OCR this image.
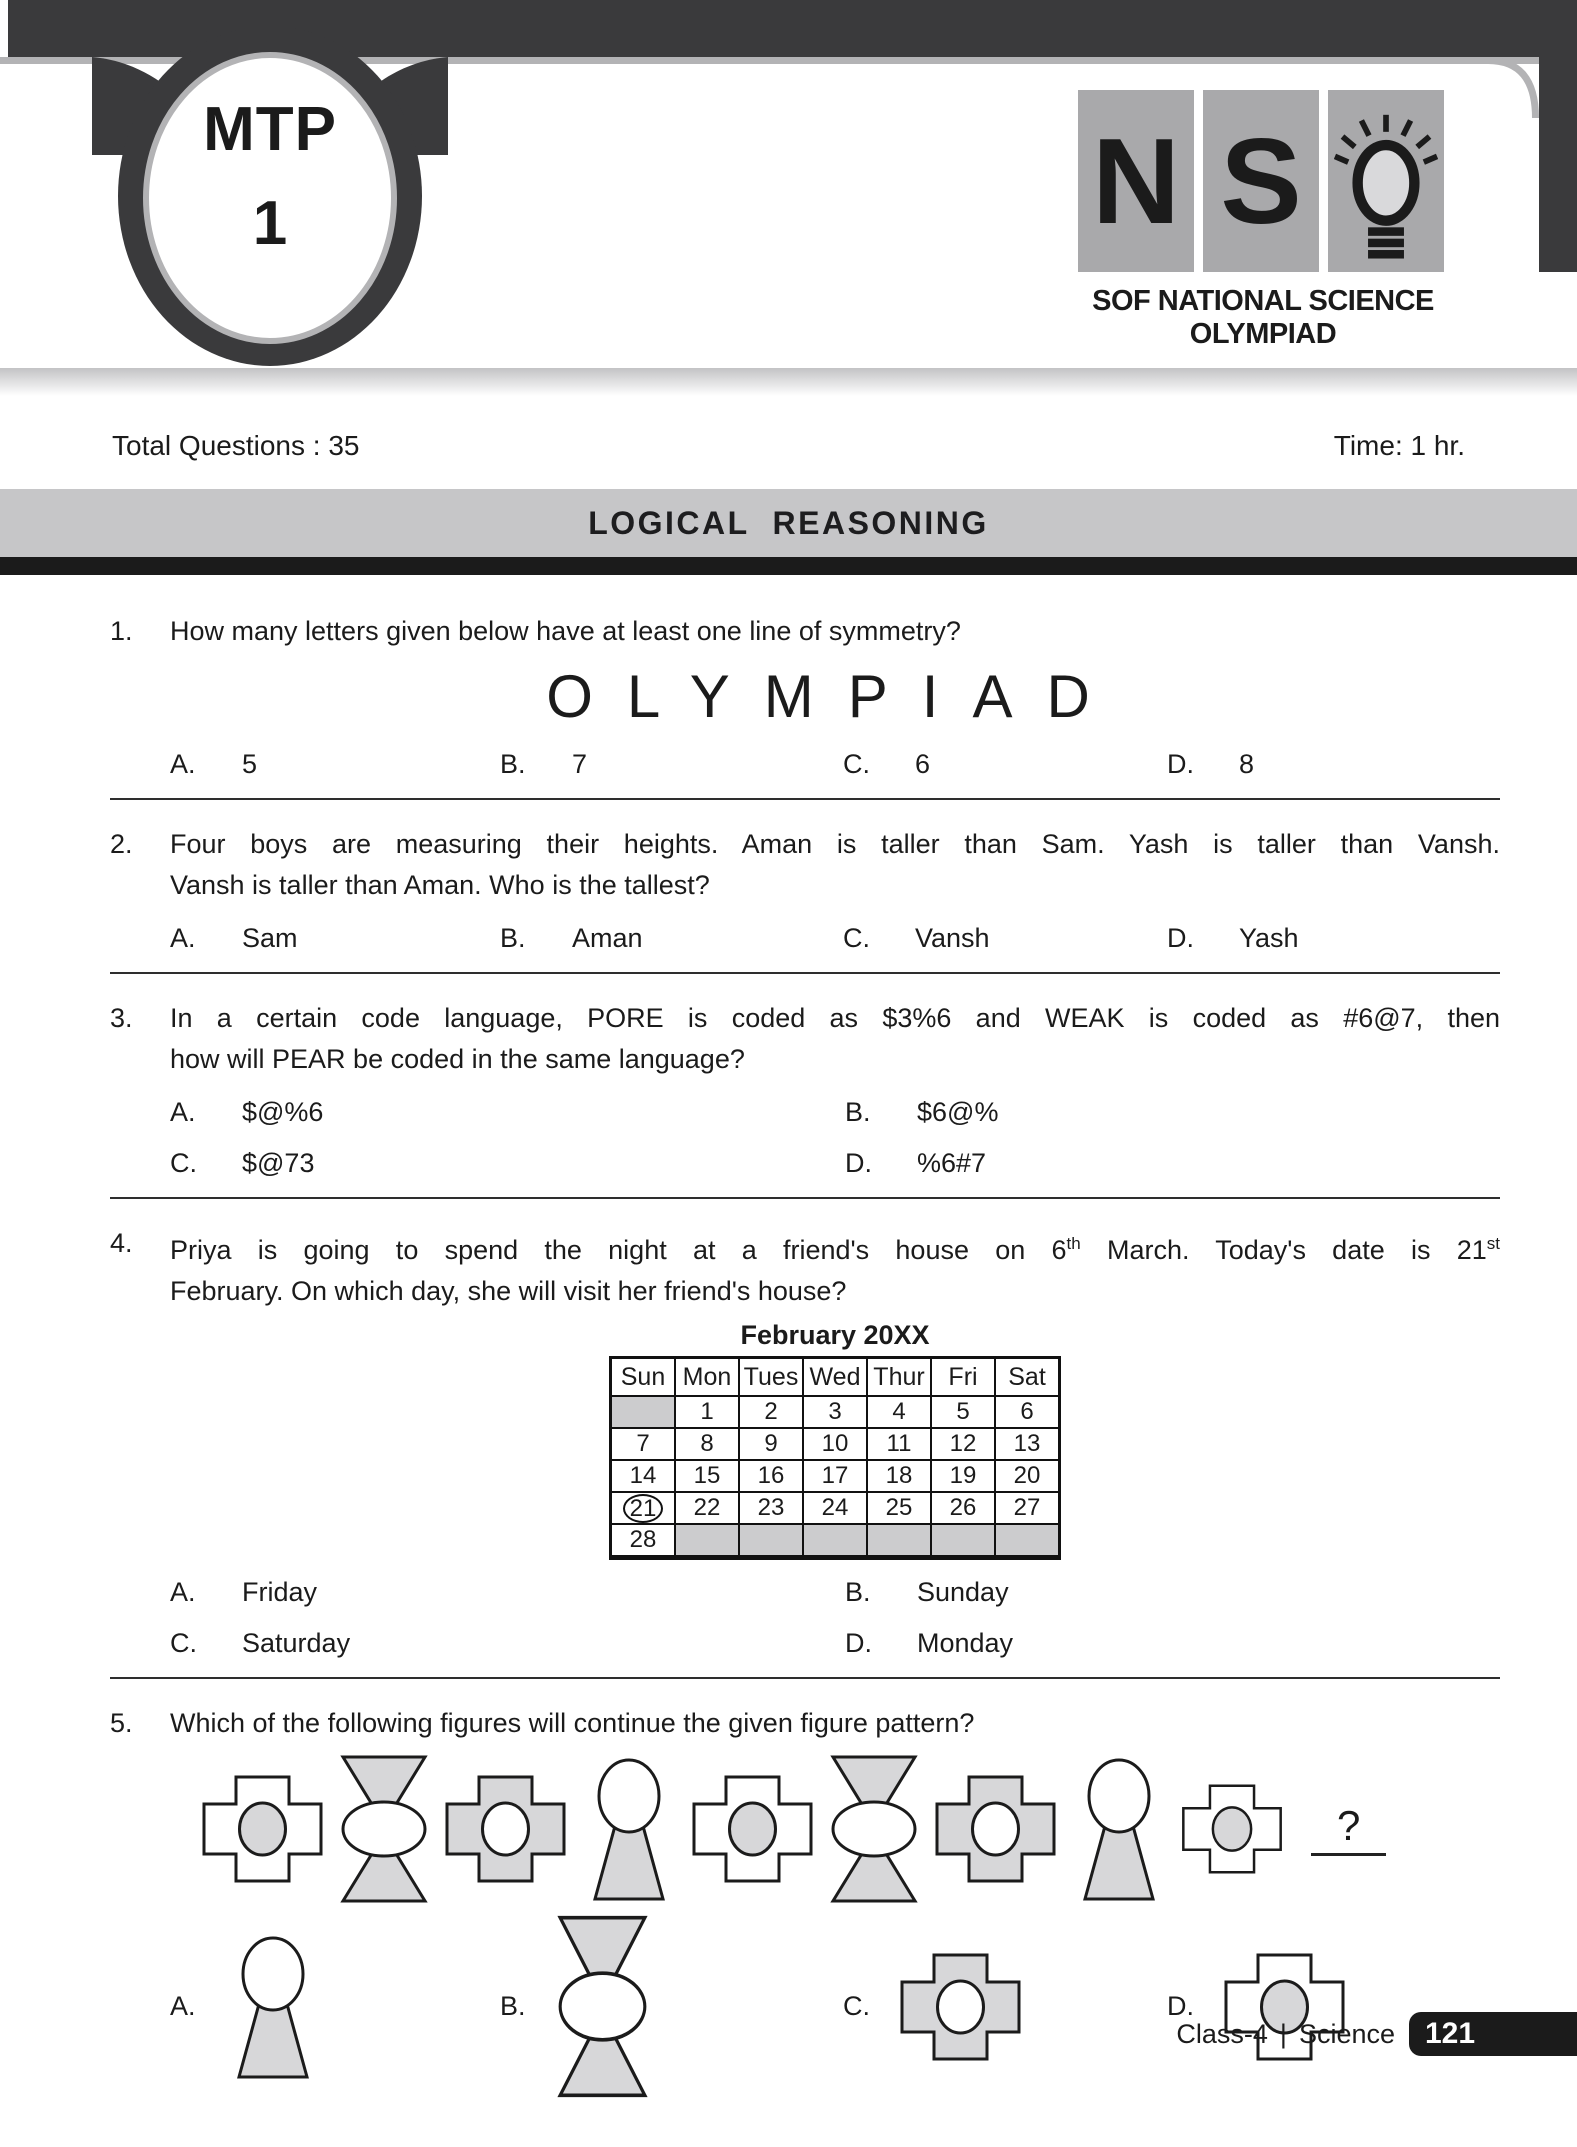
MTP
1	N S
SOF NATIONAL SCIENCE
OLYMPIAD
Total Questions : 35	Time: 1 hr.
LOGICAL REASONING
1.	How many letters given below have at least one line of symmetry?

OLYMPIAD
A.	5	B.	7	C.	6	D.	8
2.	Four boys are measuring their heights. Aman is taller than Sam. Yash is taller than Vansh.

Vansh is taller than Aman. Who is the tallest?

A.	Sam	B.	Aman	C.	Vansh	D.	Yash
3.	In a certain code language, PORE is coded as $3%6 and WEAK is coded as #6@7, then

how will PEAR be coded in the same language?

A.	$@%6	B.	$6@%
C.	$@73	D.	%6#7
4.	Priya is going to spend the night at a friend's house on 6th March. Today's date is 21st

February. On which day, she will visit her friend's house?

February 20XX
Sun	Mon	Tues	Wed	Thur	Fri	Sat
	1	2	3	4	5	6
7	8	9	10	11	12	13
14	15	16	17	18	19	20
21	22	23	24	25	26	27
28						
A.	Friday	B.	Sunday
C.	Saturday	D.	Monday
5.	Which of the following figures will continue the given figure pattern?

?
A.	B.	C.	D.
Class-4 | Science	121
